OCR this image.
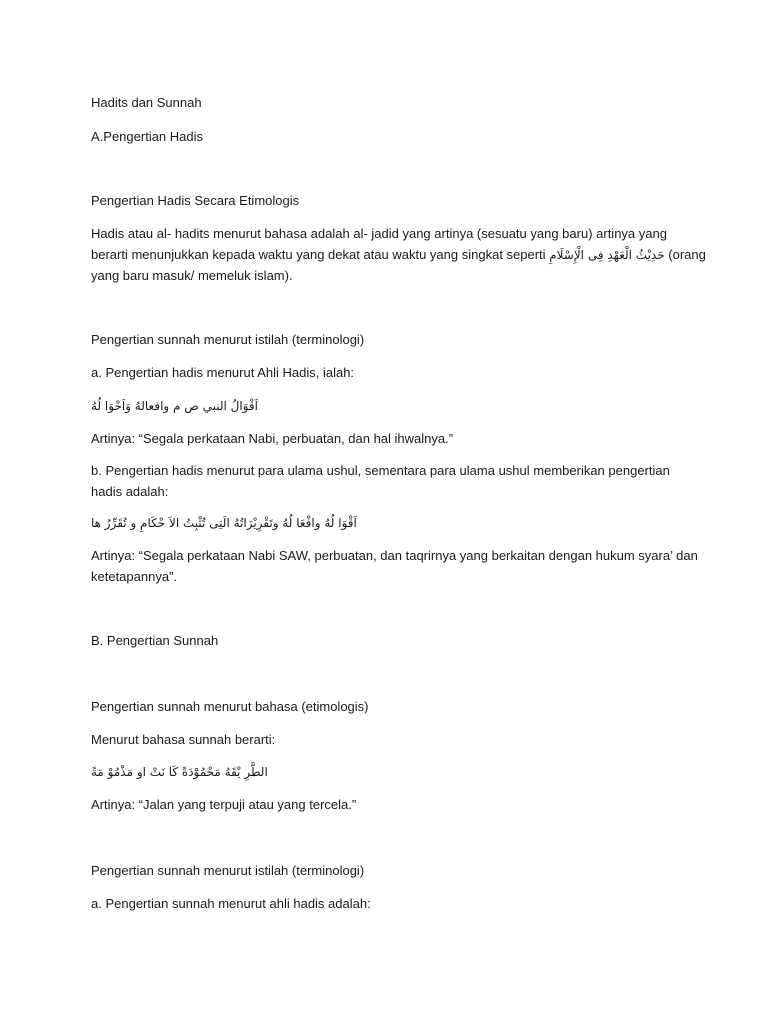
Hadits dan Sunnah
A.Pengertian Hadis
Pengertian Hadis Secara Etimologis
Hadis atau al- hadits menurut bahasa adalah al- jadid yang artinya (sesuatu yang baru) artinya yang
berarti menunjukkan kepada waktu yang dekat atau waktu yang singkat seperti حَدِيْثُ الْعَهْدِ فِى الْإِسْلَامِ (orang
yang baru masuk/ memeluk islam).
Pengertian sunnah menurut istilah (terminologi)
a. Pengertian hadis menurut Ahli Hadis, ialah:
اَقْوَالُ النبي ص م وافعالهُ وَاَحْوَا لُهُ
Artinya: “Segala perkataan Nabi, perbuatan, dan hal ihwalnya.”
b. Pengertian hadis menurut para ulama ushul, sementara para ulama ushul memberikan pengertian
hadis adalah:
اَقْوَا لُهُ وافْعَا لُهُ وتَقْرِيْرَاتُهُ الَتِى تُثْبِتُ الاَ حْكَامِ و تُقَرِّرُ ها
Artinya: “Segala perkataan Nabi SAW, perbuatan, dan taqrirnya yang berkaitan dengan hukum syara’ dan
ketetapannya”.
B. Pengertian Sunnah
Pengertian sunnah menurut bahasa (etimologis)
Menurut bahasa sunnah berarti:
الطَّرِ يْقَهُ مَحْمُوْدَةً كَا نَتْ او مَذْمُوْ مَةً
Artinya: “Jalan yang terpuji atau yang tercela.”
Pengertian sunnah menurut istilah (terminologi)
a. Pengertian sunnah menurut ahli hadis adalah:
